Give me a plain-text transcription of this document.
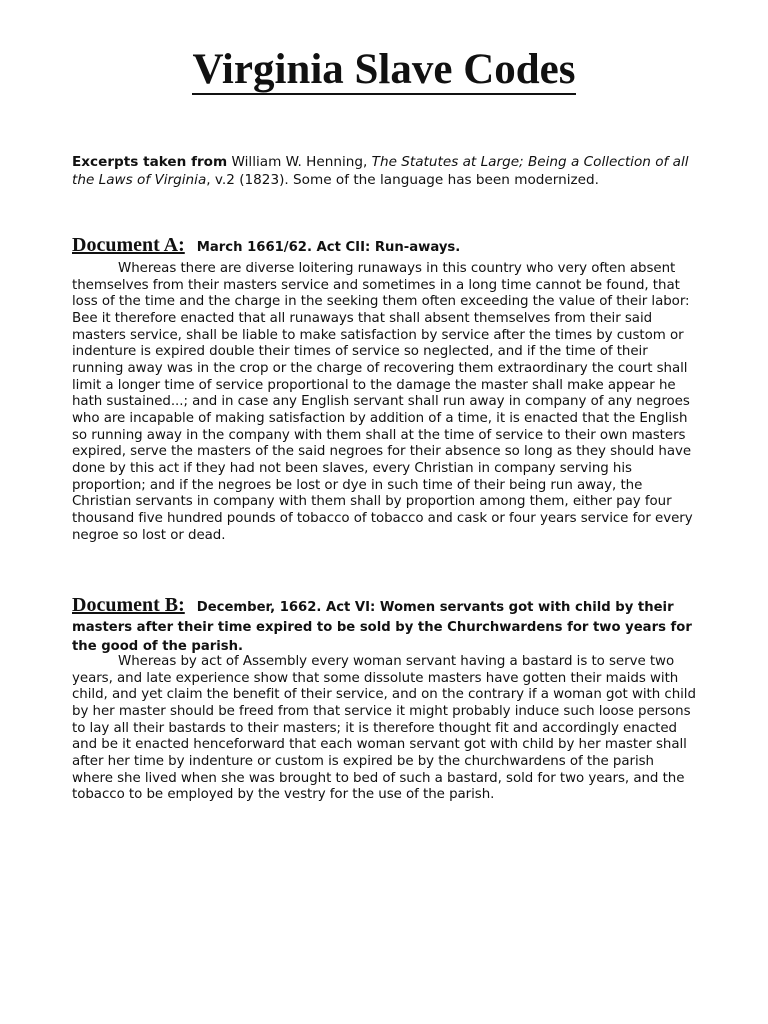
Virginia Slave Codes

Excerpts taken from William W. Henning, The Statutes at Large; Being a Collection of all the Laws of Virginia, v.2 (1823). Some of the language has been modernized.

Document A: March 1661/62. Act CII: Run-aways.

Whereas there are diverse loitering runaways in this country who very often absent themselves from their masters service and sometimes in a long time cannot be found, that loss of the time and the charge in the seeking them often exceeding the value of their labor: Bee it therefore enacted that all runaways that shall absent themselves from their said masters service, shall be liable to make satisfaction by service after the times by custom or indenture is expired double their times of service so neglected, and if the time of their running away was in the crop or the charge of recovering them extraordinary the court shall limit a longer time of service proportional to the damage the master shall make appear he hath sustained...; and in case any English servant shall run away in company of any negroes who are incapable of making satisfaction by addition of a time, it is enacted that the English so running away in the company with them shall at the time of service to their own masters expired, serve the masters of the said negroes for their absence so long as they should have done by this act if they had not been slaves, every Christian in company serving his proportion; and if the negroes be lost or dye in such time of their being run away, the Christian servants in company with them shall by proportion among them, either pay four thousand five hundred pounds of tobacco of tobacco and cask or four years service for every negroe so lost or dead.

Document B: December, 1662. Act VI: Women servants got with child by their masters after their time expired to be sold by the Churchwardens for two years for the good of the parish.

Whereas by act of Assembly every woman servant having a bastard is to serve two years, and late experience show that some dissolute masters have gotten their maids with child, and yet claim the benefit of their service, and on the contrary if a woman got with child by her master should be freed from that service it might probably induce such loose persons to lay all their bastards to their masters; it is therefore thought fit and accordingly enacted and be it enacted henceforward that each woman servant got with child by her master shall after her time by indenture or custom is expired be by the churchwardens of the parish where she lived when she was brought to bed of such a bastard, sold for two years, and the tobacco to be employed by the vestry for the use of the parish.
